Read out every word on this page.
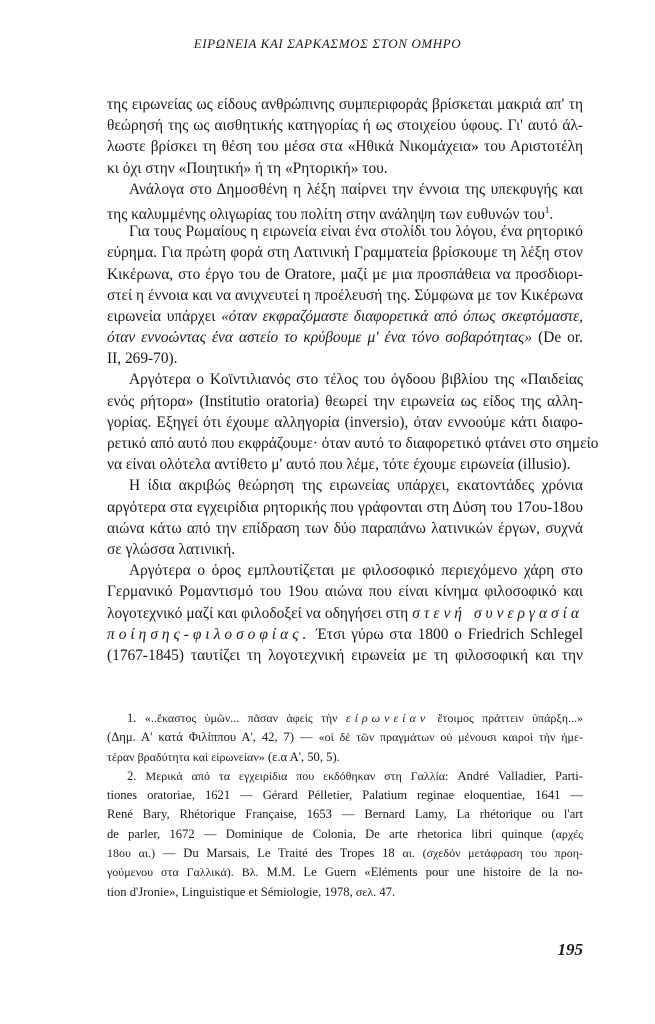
ΕΙΡΩΝΕΙΑ ΚΑΙ ΣΑΡΚΑΣΜΟΣ ΣΤΟΝ ΟΜΗΡΟ
της ειρωνείας ως είδους ανθρώπινης συμπεριφοράς βρίσκεται μακριά απ' τη
θεώρησή της ως αισθητικής κατηγορίας ή ως στοιχείου ύφους. Γι' αυτό άλ-
λωστε βρίσκει τη θέση του μέσα στα «Ηθικά Νικομάχεια» του Αριστοτέλη
κι όχι στην «Ποιητική» ή τη «Ρητορική» του.
Ανάλογα στο Δημοσθένη η λέξη παίρνει την έννοια της υπεκφυγής και
της καλυμμένης ολιγωρίας του πολίτη στην ανάληψη των ευθυνών του$^1$.
Για τους Ρωμαίους η ειρωνεία είναι ένα στολίδι του λόγου, ένα ρητορικό
εύρημα. Για πρώτη φορά στη Λατινική Γραμματεία βρίσκουμε τη λέξη στον
Κικέρωνα, στο έργο του de Oratore, μαζί με μια προσπάθεια να προσδιορι-
στεί η έννοια και να ανιχνευτεί η προέλευσή της. Σύμφωνα με τον Κικέρωνα
ειρωνεία υπάρχει «όταν εκφραζόμαστε διαφορετικά από όπως σκεφτόμαστε,
όταν εννοώντας ένα αστείο το κρύβουμε μ' ένα τόνο σοβαρότητας» (De or.
II, 269-70).
Αργότερα ο Κοϊντιλιανός στο τέλος του όγδοου βιβλίου της «Παιδείας
ενός ρήτορα» (Institutio oratoria) θεωρεί την ειρωνεία ως είδος της αλλη-
γορίας. Εξηγεί ότι έχουμε αλληγορία (inversio), όταν εννοούμε κάτι διαφο-
ρετικό από αυτό που εκφράζουμε· όταν αυτό το διαφορετικό φτάνει στο σημείο
να είναι ολότελα αντίθετο μ' αυτό που λέμε, τότε έχουμε ειρωνεία (illusio).
Η ίδια ακριβώς θεώρηση της ειρωνείας υπάρχει, εκατοντάδες χρόνια
αργότερα στα εγχειρίδια ρητορικής που γράφονται στη Δύση του 17ου-18ου
αιώνα κάτω από την επίδραση των δύο παραπάνω λατινικών έργων, συχνά
σε γλώσσα λατινική.
Αργότερα ο όρος εμπλουτίζεται με φιλοσοφικό περιεχόμενο χάρη στο
Γερμανικό Ρομαντισμό του 19ου αιώνα που είναι κίνημα φιλοσοφικό και
λογοτεχνικό μαζί και φιλοδοξεί να οδηγήσει στη στενή συνεργασία
ποίησης-φιλοσοφίας. Έτσι γύρω στα 1800 ο Friedrich Schlegel
(1767-1845) ταυτίζει τη λογοτεχνική ειρωνεία με τη φιλοσοφική και την
1. «..ἕκαστος ὑμῶν... πᾶσαν ἀφεὶς τὴν εἰρωνείαν ἕτοιμος πράττειν ὑπάρξη...»
(Δημ. Α' κατά Φιλίππου Α', 42, 7) — «οἱ δὲ τῶν πραγμάτων οὐ μένουσι καιροὶ τὴν ἡμε-
τέραν βραδύτητα καὶ εἰρωνείαν» (ε.α Α', 50, 5).
2. Μερικά από τα εγχειρίδια που εκδόθηκαν στη Γαλλία: André Valladier, Parti-
tiones oratoriae, 1621 — Gérard Pélletier, Palatium reginae eloquentiae, 1641 —
René Bary, Rhétorique Française, 1653 — Bernard Lamy, La rhétorique ou l'art
de parler, 1672 — Dominique de Colonia, De arte rhetorica libri quinque (αρχές
18ου αι.) — Du Marsais, Le Traité des Tropes 18 αι. (σχεδόν μετάφραση του προη-
γούμενου στα Γαλλικά). Βλ. M.M. Le Guern «Eléments pour une histoire de la no-
tion d'Jronie», Linguistique et Sémiologie, 1978, σελ. 47.
195
